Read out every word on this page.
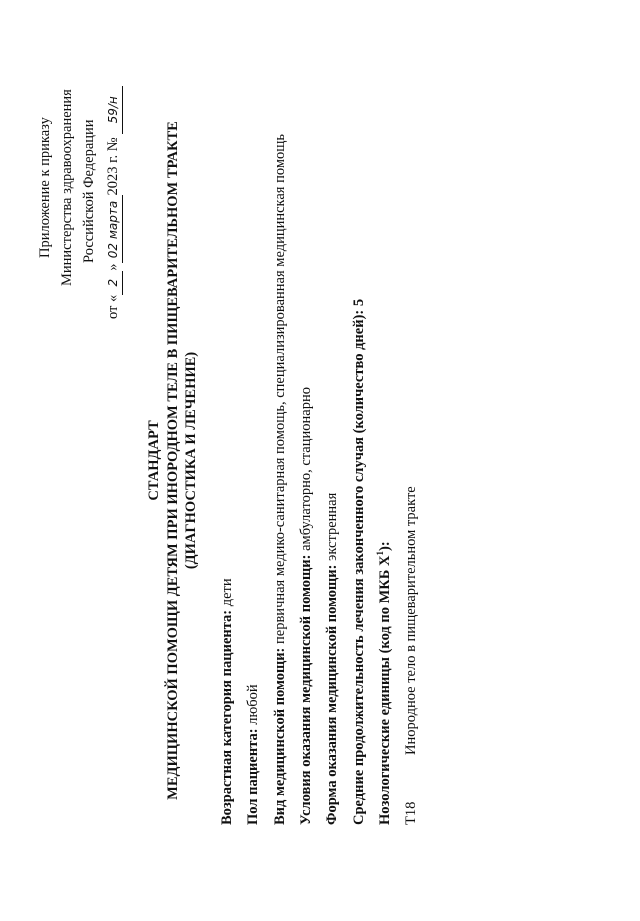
Приложение к приказу Министерства здравоохранения Российской Федерации
от «2»02 марта2023 г. № 59/н
СТАНДАРТ МЕДИЦИНСКОЙ ПОМОЩИ ДЕТЯМ ПРИ ИНОРОДНОМ ТЕЛЕ В ПИЩЕВАРИТЕЛЬНОМ ТРАКТЕ (ДИАГНОСТИКА И ЛЕЧЕНИЕ)
Возрастная категория пациента: дети
Пол пациента: любой Вид медицинской помощи: первичная медико-санитарная помощь, специализированная медицинская помощь
Условия оказания медицинской помощи: амбулаторно, стационарно
Форма оказания медицинской помощи: экстренная Средние продолжительность лечения законченного случая (количество дней): 5
Нозологические единицы (код по МКБ $X^1$):
T18Инородное тело в пищеварительном тракте
